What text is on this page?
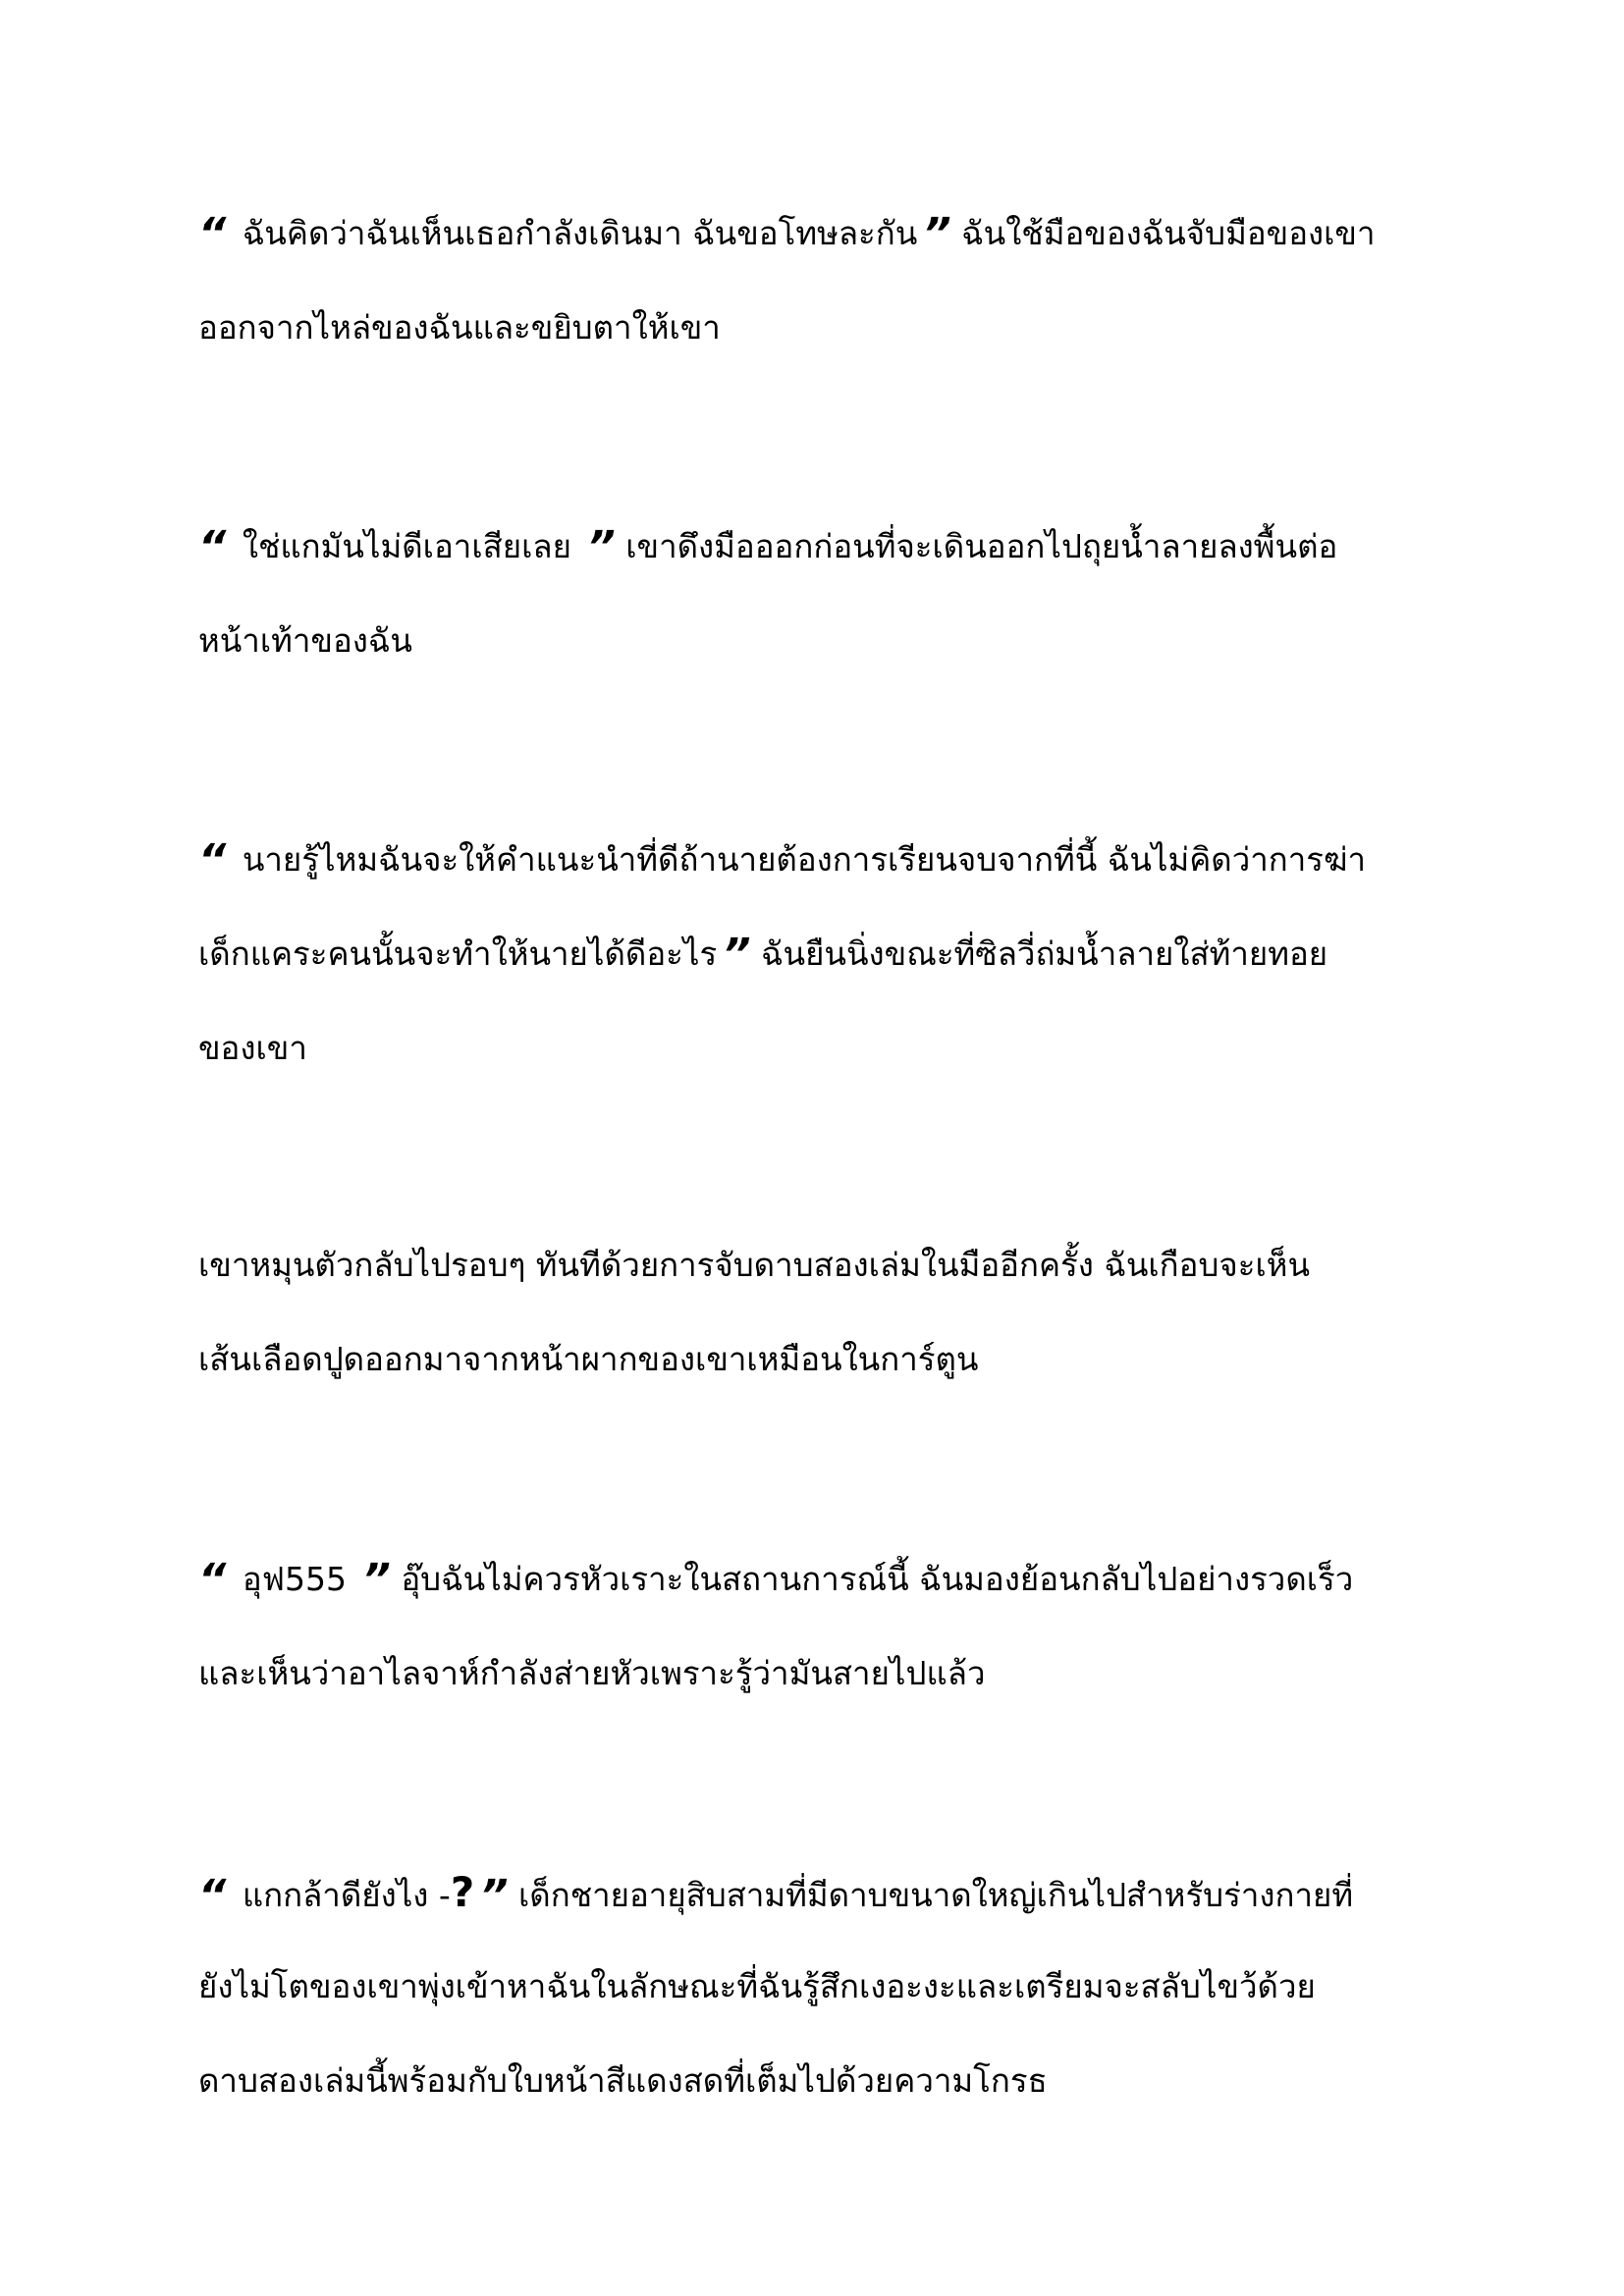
“ ฉันคิดว่าฉันเห็นเธอกำลังเดินมา ฉันขอโทษละกัน ” ฉันใช้มือของฉันจับมือของเขา
ออกจากไหล่ของฉันและขยิบตาให้เขา
“ ใช่แกมันไม่ดีเอาเสียเลย ” เขาดึงมือออกก่อนที่จะเดินออกไปถุยน้ำลายลงพื้นต่อ
หน้าเท้าของฉัน
“ นายรู้ไหมฉันจะให้คำแนะนำที่ดีถ้านายต้องการเรียนจบจากที่นี้ ฉันไม่คิดว่าการฆ่า
เด็กแคระคนนั้นจะทำให้นายได้ดีอะไร ” ฉันยืนนิ่งขณะที่ซิลวี่ถ่มน้ำลายใส่ท้ายทอย
ของเขา
เขาหมุนตัวกลับไปรอบๆ ทันทีด้วยการจับดาบสองเล่มในมืออีกครั้ง ฉันเกือบจะเห็น
เส้นเลือดปูดออกมาจากหน้าผากของเขาเหมือนในการ์ตูน
“ อุฟ555 ” อุ๊บฉันไม่ควรหัวเราะในสถานการณ์นี้ ฉันมองย้อนกลับไปอย่างรวดเร็ว
และเห็นว่าอาไลจาห์กำลังส่ายหัวเพราะรู้ว่ามันสายไปแล้ว
“ แกกล้าดียังไง -? ” เด็กชายอายุสิบสามที่มีดาบขนาดใหญ่เกินไปสำหรับร่างกายที่
ยังไม่โตของเขาพุ่งเข้าหาฉันในลักษณะที่ฉันรู้สึกเงอะงะและเตรียมจะสลับไขว้ด้วย
ดาบสองเล่มนี้พร้อมกับใบหน้าสีแดงสดที่เต็มไปด้วยความโกรธ
